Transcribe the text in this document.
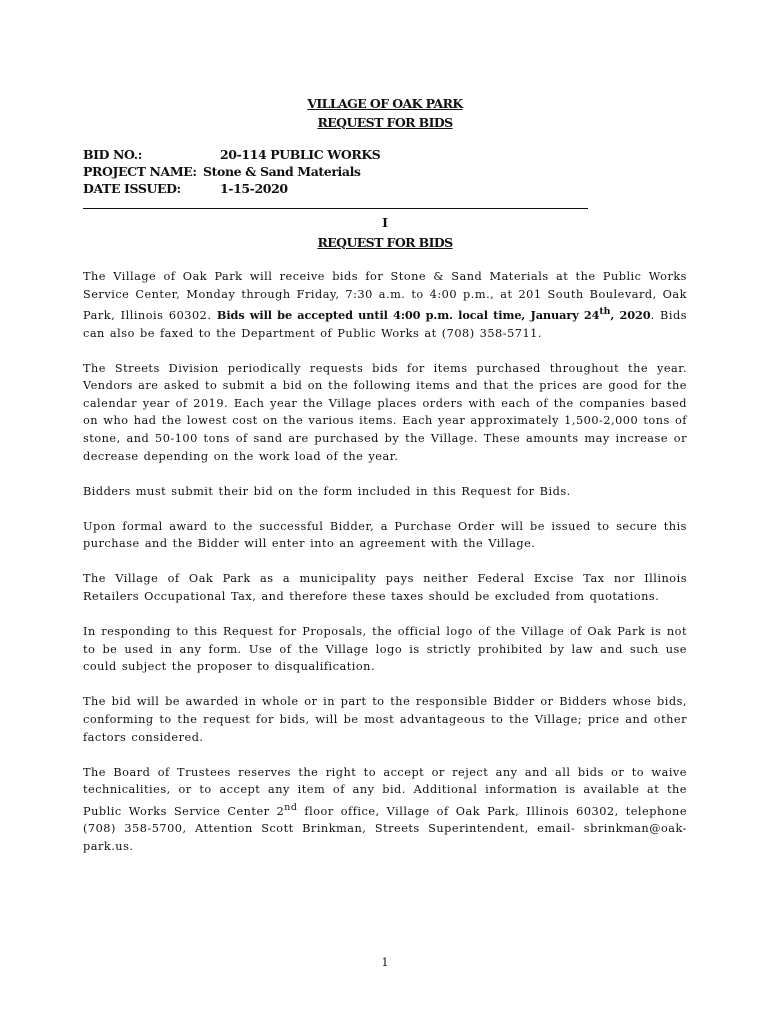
VILLAGE OF OAK PARK
REQUEST FOR BIDS
BID NO.:	20-114 PUBLIC WORKS
PROJECT NAME: Stone & Sand Materials
DATE ISSUED:	1-15-2020
I
REQUEST FOR BIDS

The Village of Oak Park will receive bids for Stone & Sand Materials at the Public Works Service Center, Monday through Friday, 7:30 a.m. to 4:00 p.m., at 201 South Boulevard, Oak Park, Illinois 60302. Bids will be accepted until 4:00 p.m. local time, January 24th, 2020. Bids can also be faxed to the Department of Public Works at (708) 358-5711.

The Streets Division periodically requests bids for items purchased throughout the year. Vendors are asked to submit a bid on the following items and that the prices are good for the calendar year of 2019. Each year the Village places orders with each of the companies based on who had the lowest cost on the various items. Each year approximately 1,500-2,000 tons of stone, and 50-100 tons of sand are purchased by the Village. These amounts may increase or decrease depending on the work load of the year.

Bidders must submit their bid on the form included in this Request for Bids.

Upon formal award to the successful Bidder, a Purchase Order will be issued to secure this purchase and the Bidder will enter into an agreement with the Village.

The Village of Oak Park as a municipality pays neither Federal Excise Tax nor Illinois Retailers Occupational Tax, and therefore these taxes should be excluded from quotations.

In responding to this Request for Proposals, the official logo of the Village of Oak Park is not to be used in any form. Use of the Village logo is strictly prohibited by law and such use could subject the proposer to disqualification.

The bid will be awarded in whole or in part to the responsible Bidder or Bidders whose bids, conforming to the request for bids, will be most advantageous to the Village; price and other factors considered.

The Board of Trustees reserves the right to accept or reject any and all bids or to waive technicalities, or to accept any item of any bid. Additional information is available at the Public Works Service Center 2nd floor office, Village of Oak Park, Illinois 60302, telephone (708) 358-5700, Attention Scott Brinkman, Streets Superintendent, email- sbrinkman@oak-park.us.

1
